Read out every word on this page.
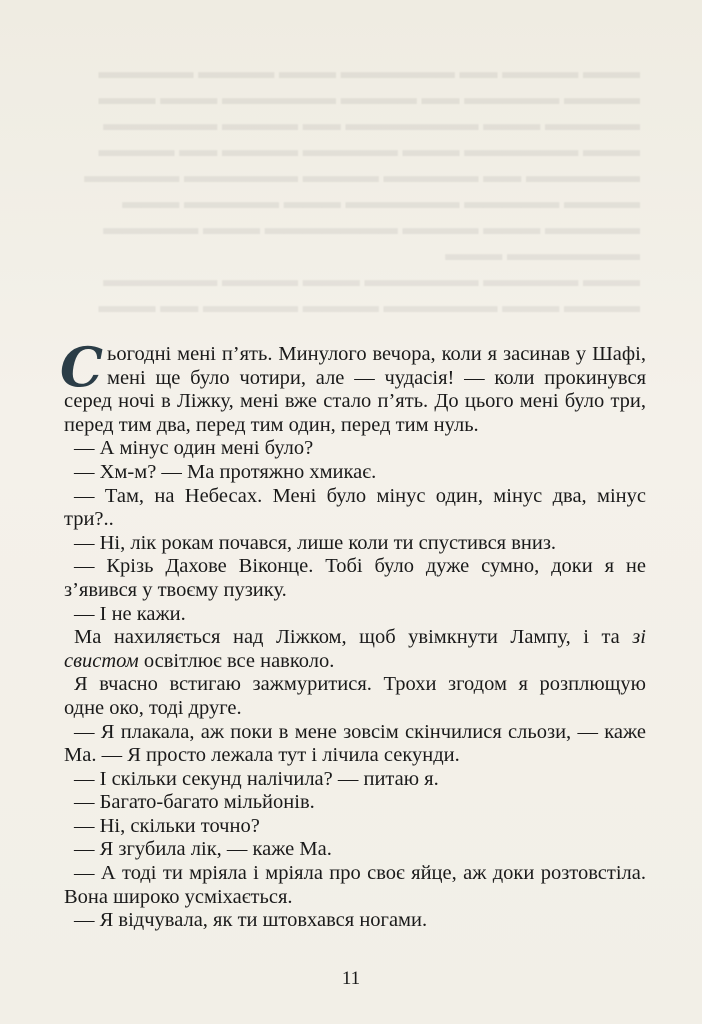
▬▬▬ ▬▬▬▬ ▬▬ ▬▬▬▬▬▬ ▬▬▬ ▬▬▬▬ ▬▬▬▬▬
▬▬▬▬ ▬▬▬▬▬ ▬▬ ▬▬▬▬ ▬▬▬▬▬▬ ▬▬▬ ▬▬▬
▬▬▬▬▬ ▬▬▬ ▬▬▬▬▬▬▬ ▬▬ ▬▬▬▬ ▬▬▬▬▬▬
▬▬▬ ▬▬▬▬▬▬ ▬▬▬ ▬▬▬▬▬ ▬▬▬▬ ▬▬ ▬▬▬▬
▬▬▬▬▬▬ ▬▬ ▬▬▬▬▬ ▬▬▬▬ ▬▬▬▬▬▬ ▬▬▬▬▬
▬▬▬▬ ▬▬▬▬▬ ▬▬▬▬▬▬ ▬▬▬ ▬▬▬▬▬ ▬▬▬
▬▬▬▬▬ ▬▬▬ ▬▬▬▬ ▬▬▬▬▬▬▬ ▬▬▬ ▬▬▬▬▬
▬▬▬▬▬▬▬ ▬▬▬
▬▬▬ ▬▬▬▬▬ ▬▬▬▬▬▬ ▬▬▬ ▬▬▬▬ ▬▬▬▬▬▬
▬▬▬▬ ▬▬▬ ▬▬▬▬▬▬ ▬▬▬▬ ▬▬▬▬▬ ▬▬ ▬▬▬

Сьогодні мені п’ять. Минулого вечора, коли я засинав у Шафі, мені ще було чотири, але — чудасія! — коли прокинувся серед ночі в Ліжку, мені вже стало п’ять. До цього мені було три, перед тим два, перед тим один, перед тим нуль.

— А мінус один мені було?

— Хм-м? — Ма протяжно хмикає.

— Там, на Небесах. Мені було мінус один, мінус два, мінус три?..

— Ні, лік рокам почався, лише коли ти спустився вниз.

— Крізь Дахове Віконце. Тобі було дуже сумно, доки я не з’явився у твоєму пузику.

— І не кажи.

Ма нахиляється над Ліжком, щоб увімкнути Лампу, і та зі свистом освітлює все навколо.

Я вчасно встигаю зажмуритися. Трохи згодом я розплющую одне око, тоді друге.

— Я плакала, аж поки в мене зовсім скінчилися сльози, — каже Ма. — Я просто лежала тут і лічила секунди.

— І скільки секунд налічила? — питаю я.

— Багато-багато мільйонів.

— Ні, скільки точно?

— Я згубила лік, — каже Ма.

— А тоді ти мріяла і мріяла про своє яйце, аж доки розтовстіла. Вона широко усміхається.

— Я відчувала, як ти штовхався ногами.

11
